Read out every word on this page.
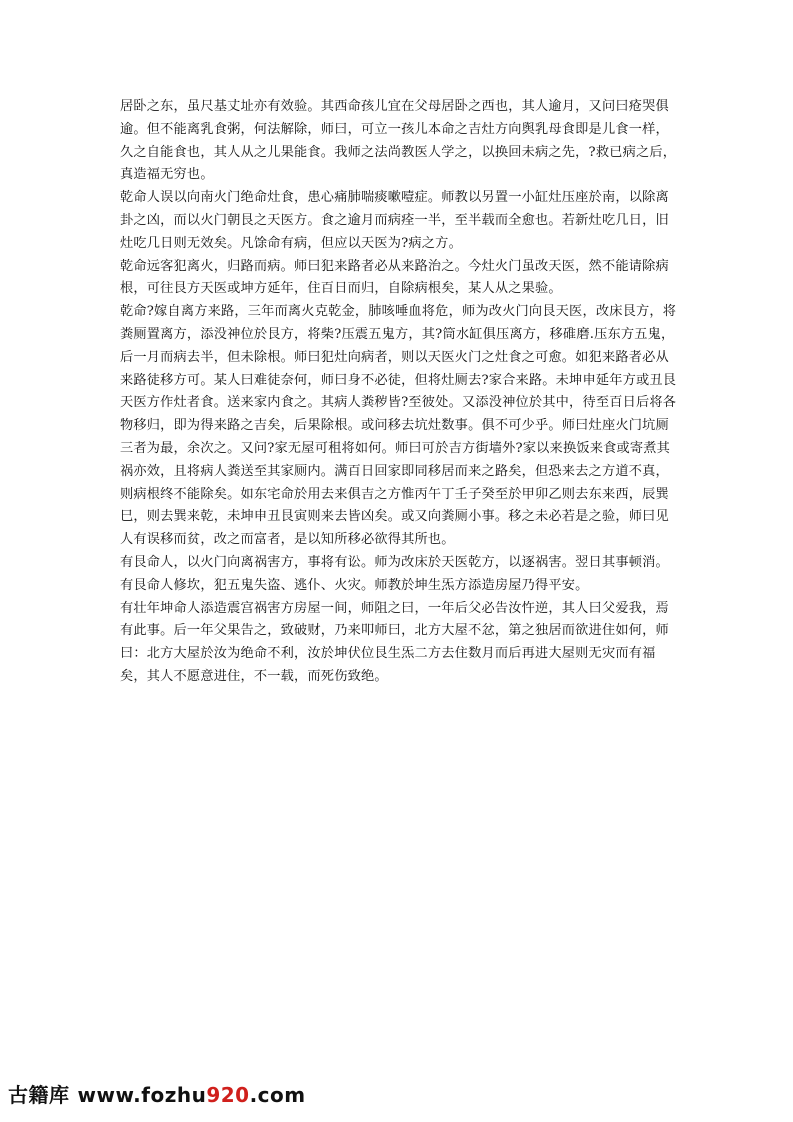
居卧之东，虽尺基丈址亦有效验。其西命孩儿宜在父母居卧之西也，其人逾月，又问曰疮哭俱逾。但不能离乳食粥，何法解除，师曰，可立一孩儿本命之吉灶方向舆乳母食即是儿食一样，久之自能食也，其人从之儿果能食。我师之法尚教医人学之，以换回未病之先，?救已病之后，真造福无穷也。

乾命人误以向南火门绝命灶食，患心痛肺喘痰嗽噎症。师教以另置一小缸灶压座於南，以除离卦之凶，而以火门朝艮之天医方。食之逾月而病痊一半，至半载而全愈也。若新灶吃几日，旧灶吃几日则无效矣。凡馀命有病，但应以天医为?病之方。

乾命远客犯离火，归路而病。师曰犯来路者必从来路治之。今灶火门虽改天医，然不能请除病根，可往艮方天医或坤方延年，住百日而归，自除病根矣，某人从之果验。

乾命?嫁自离方来路，三年而离火克乾金，肺咳唾血将危，师为改火门向艮天医，改床艮方，将粪厕置离方，添没神位於艮方，将柴?压震五鬼方，其?筒水缸俱压离方，移碓磨.压东方五鬼，后一月而病去半，但未除根。师曰犯灶向病者，则以天医火门之灶食之可愈。如犯来路者必从来路徒移方可。某人曰难徒奈何，师曰身不必徒，但将灶厕去?家合来路。未坤申延年方或丑艮天医方作灶者食。送来家内食之。其病人粪秽皆?至彼处。又添没神位於其中，待至百日后将各物移归，即为得来路之吉矣，后果除根。或问移去坑灶数事。俱不可少乎。师曰灶座火门坑厕三者为最，余次之。又问?家无屋可租将如何。师曰可於吉方街墙外?家以来换饭来食或寄煮其祸亦效，且将病人粪送至其家厕内。满百日回家即同移居而来之路矣，但恐来去之方道不真，则病根终不能除矣。如东宅命於用去来俱吉之方惟丙午丁壬子癸至於甲卯乙则去东来西，辰巽巳，则去巽来乾，未坤申丑艮寅则来去皆凶矣。或又向粪厕小事。移之未必若是之验，师曰见人有误移而贫，改之而富者，是以知所移必欲得其所也。

有艮命人，以火门向离祸害方，事将有讼。师为改床於天医乾方，以逐祸害。翌日其事顿消。

有艮命人修坎，犯五鬼失盗、逃仆、火灾。师教於坤生炁方添造房屋乃得平安。

有壮年坤命人添造震宫祸害方房屋一间，师阻之曰，一年后父必告汝忤逆，其人曰父爱我，焉有此事。后一年父果告之，致破财，乃来叩师曰，北方大屋不忿，第之独居而欲进住如何，师曰：北方大屋於汝为绝命不利，汝於坤伏位艮生炁二方去住数月而后再进大屋则无灾而有福矣，其人不愿意进住，不一载，而死伤致绝。

古籍库 www.fozhu920.com
